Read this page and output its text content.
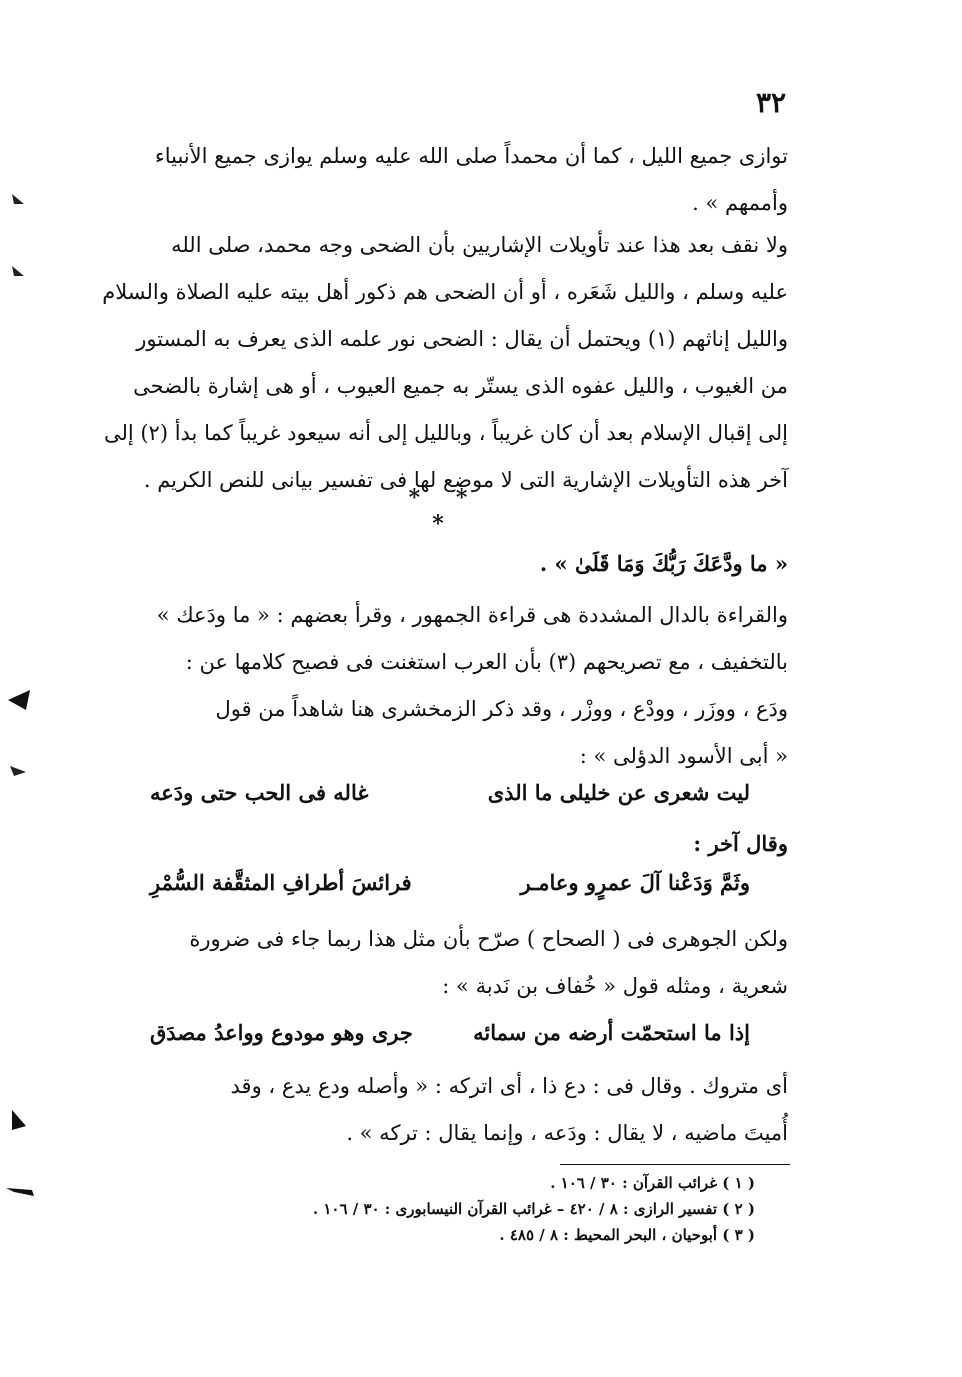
٣٢
توازى جميع الليل ، كما أن محمداً صلى الله عليه وسلم يوازى جميع الأنبياء
وأممهم » .
ولا نقف بعد هذا عند تأويلات الإشاريين بأن الضحى وجه محمد، صلى الله
عليه وسلم ، والليل شَعَره ، أو أن الضحى هم ذكور أهل بيته عليه الصلاة والسلام
والليل إناثهم (١) ويحتمل أن يقال : الضحى نور علمه الذى يعرف به المستور
من الغيوب ، والليل عفوه الذى يستّر به جميع العيوب ، أو هى إشارة بالضحى
إلى إقبال الإسلام بعد أن كان غريباً ، وبالليل إلى أنه سيعود غريباً كما بدأ (٢) إلى
آخر هذه التأويلات الإشارية التى لا موضع لها فى تفسير بيانى للنص الكريم .
* * *
« ما ودَّعَكَ رَبُّكَ وَمَا قَلَىٰ » .
والقراءة بالدال المشددة هى قراءة الجمهور ، وقرأ بعضهم : « ما ودَعك »
بالتخفيف ، مع تصريحهم (٣) بأن العرب استغنت فى فصيح كلامها عن :
ودَع ، ووزَر ، وودْع ، ووزْر ، وقد ذكر الزمخشرى هنا شاهداً من قول
« أبى الأسود الدؤلى » :
ليت شعرى عن خليلى ما الذى
غاله فى الحب حتى ودَعه
وقال آخر :
وثَمَّ وَدَعْنا آلَ عمرٍو وعامـر
فرائسَ أطرافِ المثقَّفة السُّمْرِ
ولكن الجوهرى فى ( الصحاح ) صرّح بأن مثل هذا ربما جاء فى ضرورة
شعرية ، ومثله قول « خُفاف بن نَدبة » :
إذا ما استحمّت أرضه من سمائه
جرى وهو مودوع وواعدُ مصدَق
أى متروك . وقال فى : دع ذا ، أى اتركه : « وأصله ودع يدع ، وقد
أُميتَ ماضيه ، لا يقال : ودَعه ، وإنما يقال : تركه » .
( ١ ) غرائب القرآن : ٣٠ / ١٠٦ .
( ٢ ) تفسير الرازى : ٨ / ٤٢٠ – غرائب القرآن النيسابورى : ٣٠ / ١٠٦ .
( ٣ ) أبوحيان ، البحر المحيط : ٨ / ٤٨٥ .
